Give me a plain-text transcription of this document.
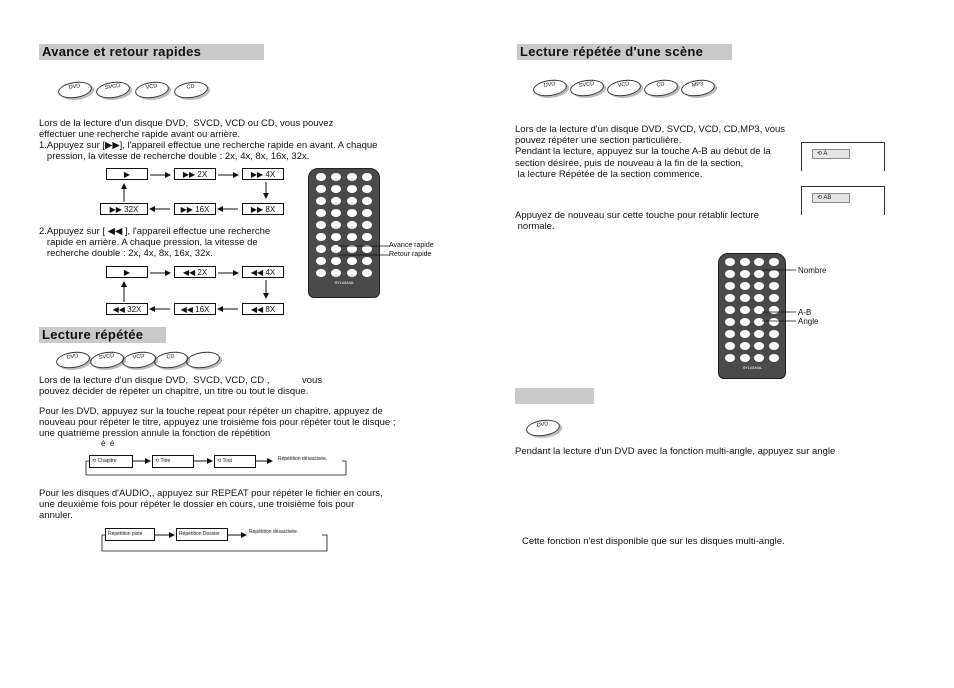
Avance et retour rapides
DVD	SVCD	VCD	CD
Lors de la lecture d'un disque DVD,  SVCD, VCD ou CD, vous pouvez
effectuer une recherche rapide avant ou arrière.
1.Appuyez sur [▶▶], l'appareil effectue une recherche rapide en avant. A chaque
pression, la vitesse de recherche double : 2x, 4x, 8x, 16x, 32x.
▶	▶▶ 2X	▶▶ 4X
▶▶ 8X
▶▶ 16X
▶▶ 32X
2.Appuyez sur [ ◀◀ ], l'appareil effectue une recherche
rapide en arrière. A chaque pression, la vitesse de
recherche double : 2x, 4x, 8x, 16x, 32x.
▶	◀◀ 2X	◀◀ 4X
◀◀ 8X
◀◀ 16X
◀◀ 32X
SYLVANIA
Avance rapide
Retour rapide
Lecture répétée
DVD	SVCD	VCD	CD
Lors de la lecture d'un disque DVD,  SVCD, VCD, CD ,	vous
pouvez décider de répéter un chapitre, un titre ou tout le disque.
Pour les DVD, appuyez sur la touche repeat pour répéter un chapitre, appuyez de
nouveau pour répéter le titre, appuyez une troisième fois pour répéter tout le disque ;
une quatrième pression annule la fonction de répétition
é  é
⟲ Chapitre	⟲ Titre	⟲ Tout	Répétition désactivée.
Pour les disques d'AUDIO,, appuyez sur REPEAT pour répéter le fichier en cours,
une deuxième fois pour répéter le dossier en cours, une troisième fois pour
annuler.
Répétition piste	Répétition Dossier	Répétition désactivée.
Lecture répétée d'une scène
DVD	SVCD	VCD	CD	MP3
Lors de la lecture d'un disque DVD, SVCD, VCD, CD,MP3, vous
pouvez répéter une section particulière.
Pendant la lecture, appuyez sur la touche A-B au début de la
section désirée, puis de nouveau à la fin de la section,
la lecture Répétée de la section commence.
⟲ A
⟲ AB
Appuyez de nouveau sur cette touche pour rétablir lecture
normale.
SYLVANIA
Nombre
A-B
Angle
DVD
Pendant la lecture d'un DVD avec la fonction multi-angle, appuyez sur angle
Cette fonction n'est disponible que sur les disques multi-angle.
